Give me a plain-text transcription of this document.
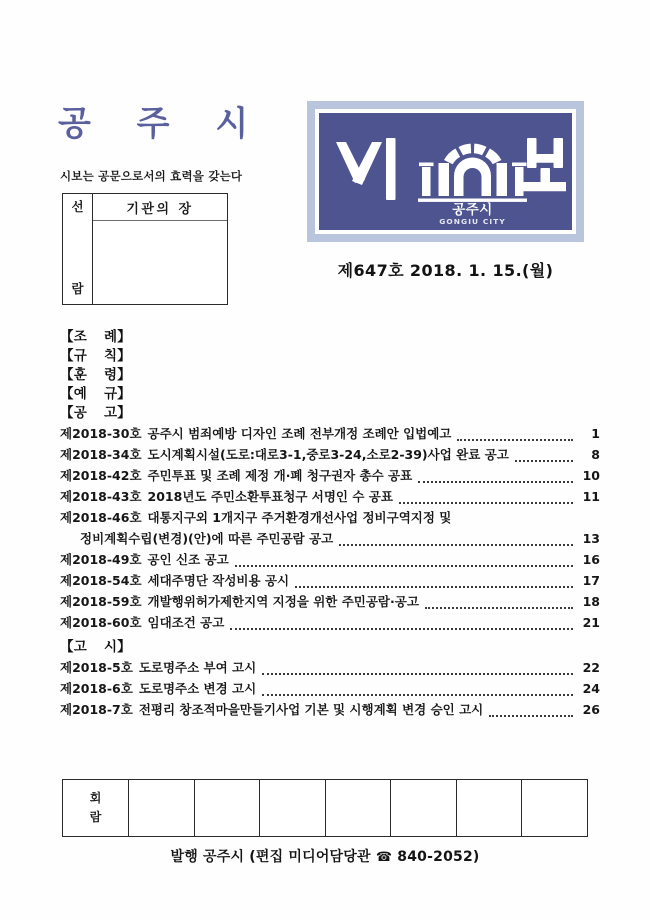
공 주 시
시보는 공문으로서의 효력을 갖는다
선
람
기관의 장	공주시
GONGJU CITY
제647호 2018. 1. 15.(월)
【조 례】
【규 칙】
【훈 령】
【예 규】
【공 고】
제2018-30호 공주시 범죄예방 디자인 조례 전부개정 조례안 입법예고	1
제2018-34호 도시계획시설(도로:대로3-1,중로3-24,소로2-39)사업 완료 공고	8
제2018-42호 주민투표 및 조례 제정 개·폐 청구권자 총수 공표	10
제2018-43호 2018년도 주민소환투표청구 서명인 수 공표	11
제2018-46호 대통지구외 1개지구 주거환경개선사업 정비구역지정 및
정비계획수립(변경)(안)에 따른 주민공람 공고	13
제2018-49호 공인 신조 공고	16
제2018-54호 세대주명단 작성비용 공시	17
제2018-59호 개발행위허가제한지역 지정을 위한 주민공람·공고	18
제2018-60호 임대조건 공고	21
【고 시】
제2018-5호 도로명주소 부여 고시	22
제2018-6호 도로명주소 변경 고시	24
제2018-7호 전평리 창조적마을만들기사업 기본 및 시행계획 변경 승인 고시	26
회
람
발행 공주시 (편집 미디어담당관 ☎ 840-2052)
